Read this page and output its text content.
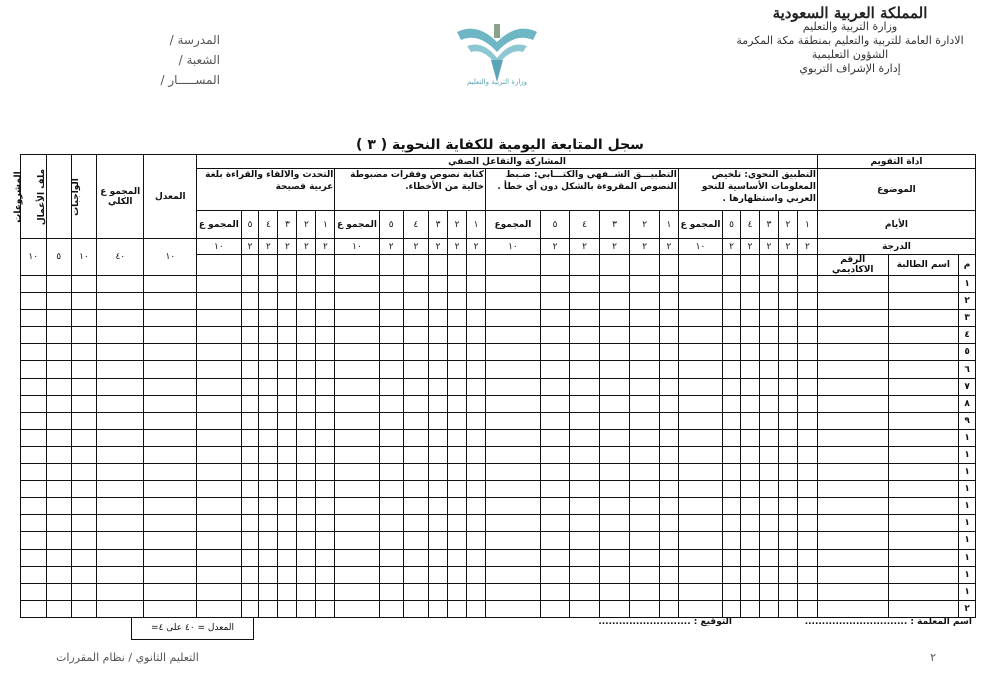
المملكة العربية السعودية
وزارة التربية والتعليم
الادارة العامة للتربية والتعليم بمنطقة مكة المكرمة
الشؤون التعليمية
إدارة الإشراف التربوي
وزارة التربية والتعليم
المدرسة /
الشعبة /
المســـــار /
سجل المتابعة اليومية للكفاية النحوية ( ٣ )
اداة التقويم			المشاركة والتفاعل الصفي																								المعدل	المجمو ع الكلي	الواجبات	ملف الأعمال	المشروعات
الموضوع			التطبيق النحوي: تلخيص المعلومات الأساسية للنحو العربي واستظهارها .						التطبيـــق الشــفهي والكتـــابي: ضـبط النصوص المقروءة بالشكل دون أي خطأ .						كتابة نصوص وفقرات مضبوطة خالية من الأخطاء.						التحدث والالقاء والقراءة بلغة عربية فصيحة										
الأيام			١	٢	٣	٤	٥	المجمو ع	١	٢	٣	٤	٥	المجموع	١	٢	٣	٤	٥	المجمو ع	١	٢	٣	٤	٥	المجمو ع					
الدرجة			٢	٢	٢	٢	٢	١٠	٢	٢	٢	٢	٢	١٠	٢	٢	٢	٢	٢	١٠	٢	٢	٢	٢	٢	١٠	١٠	٤٠	١٠	٥	١٠
م	اسم الطالبة	الرقم الاكاديمي																													
١																															
٢																															
٣																															
٤																															
٥																															
٦																															
٧																															
٨																															
٩																															
١																															
١																															
١																															
١																															
١																															
١																															
١																															
١																															
١																															
١																															
٢																															
اسم المعلمة : ..............................
التوقيع : ...........................
المعدل = ٤٠ على ٤=
٢
التعليم الثانوي / نظام المقررات
